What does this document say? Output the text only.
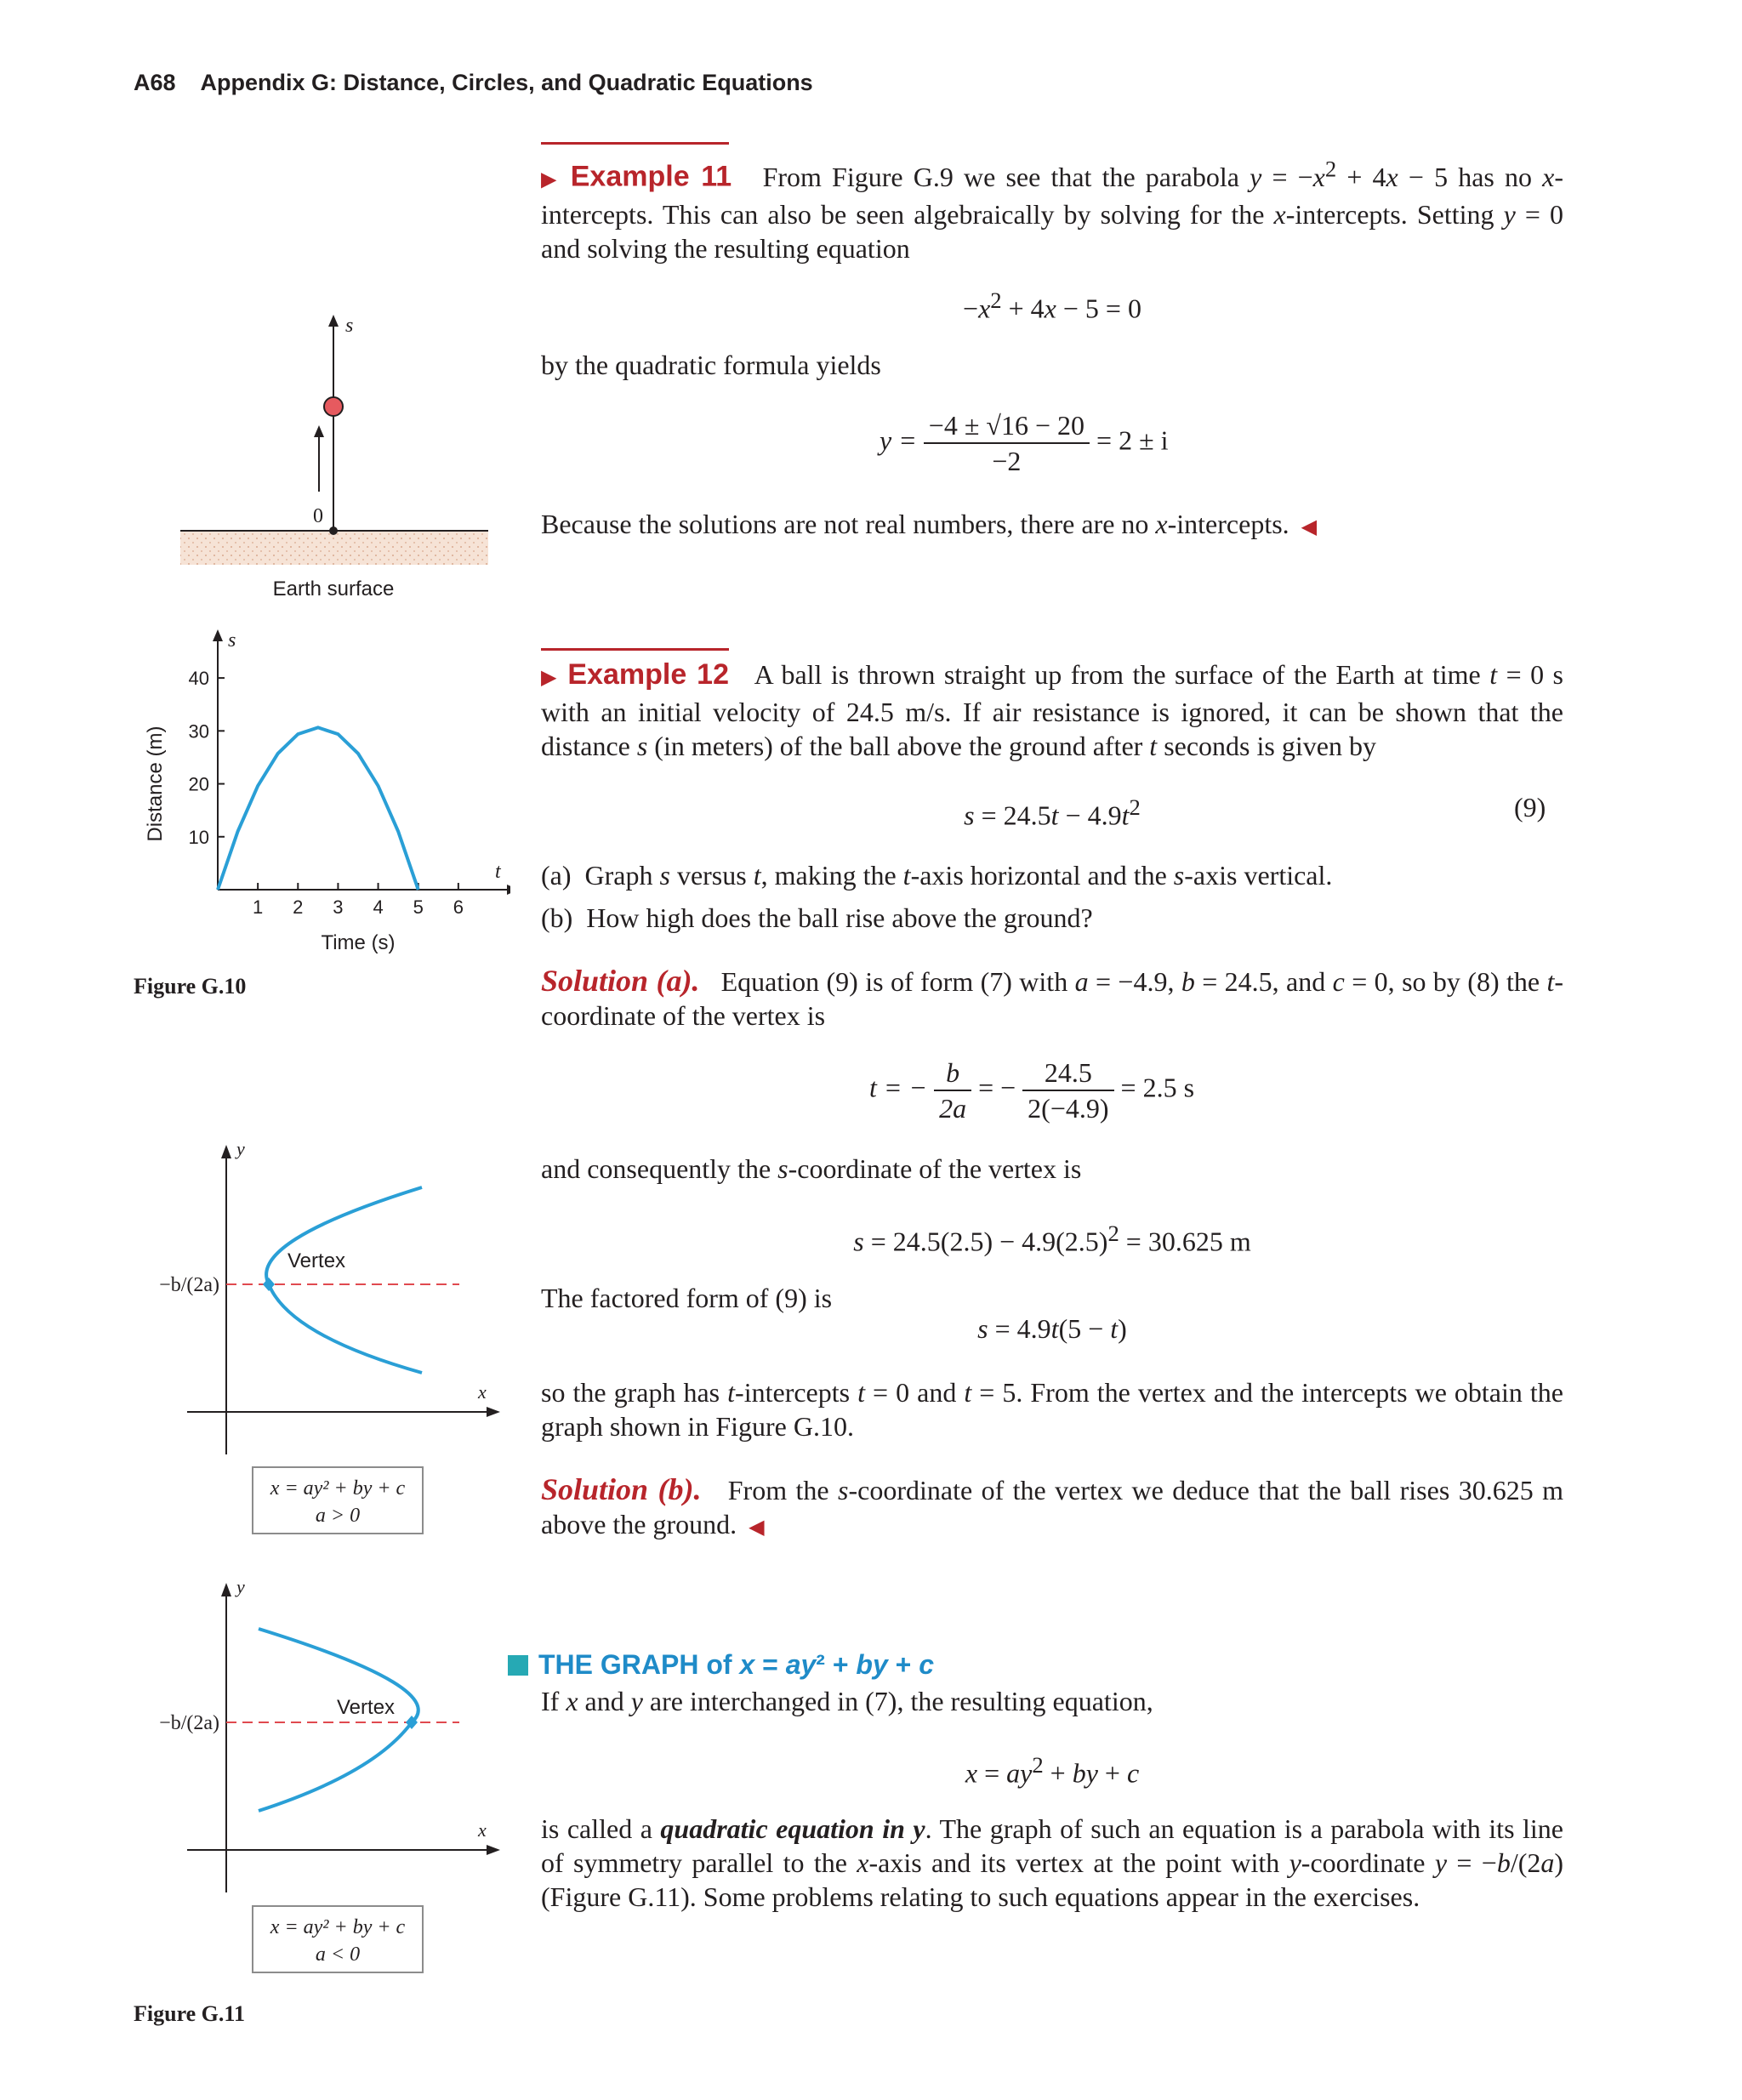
A68 Appendix G: Distance, Circles, and Quadratic Equations
▶ Example 11 From Figure G.9 we see that the parabola $y = -x^2 + 4x - 5$ has no x-intercepts. This can also be seen algebraically by solving for the x-intercepts. Setting y = 0 and solving the resulting equation
$-x^2 + 4x - 5 = 0$
by the quadratic formula yields
$y = \frac{-4 \pm √16 - 20}{-2} = 2 \pm i$
Because the solutions are not real numbers, there are no x-intercepts.  ◀
▶ Example 12 A ball is thrown straight up from the surface of the Earth at time t = 0 s with an initial velocity of 24.5 m/s. If air resistance is ignored, it can be shown that the distance s (in meters) of the ball above the ground after t seconds is given by
$s = 24.5t - 4.9t^2$	(9)
(a)  Graph s versus t, making the t-axis horizontal and the s-axis vertical.
(b)  How high does the ball rise above the ground?
Solution (a). Equation (9) is of form (7) with a = −4.9, b = 24.5, and c = 0, so by (8) the t-coordinate of the vertex is
t = − $\frac{b}{2a}$ = − $\frac{24.5}{2(-4.9)} = 2.5$ s
and consequently the s-coordinate of the vertex is
$s = 24.5(2.5) - 4.9(2.5)^2 = 30.625$ m
The factored form of (9) is
s = 4.9t(5 − t)
so the graph has t-intercepts t = 0 and t = 5. From the vertex and the intercepts we obtain the graph shown in Figure G.10.
Solution (b). From the s-coordinate of the vertex we deduce that the ball rises 30.625 m above the ground.  ◀
THE GRAPH of x = ay² + by + c
If x and y are interchanged in (7), the resulting equation,
$x = ay^2$ + by + c
is called a quadratic equation in y. The graph of such an equation is a parabola with its line of symmetry parallel to the x-axis and its vertex at the point with y-coordinate y = −b/(2a) (Figure G.11). Some problems relating to such equations appear in the exercises.
s
0
Earth surface
1 2 3 4 5 6
10
20
30
40
t
s
Time (s)
Distance (m)
Figure G.10
y
x
−b/(2a)
Vertex
x = ay² + by + c
a > 0
y
x
−b/(2a)
Vertex
x = ay² + by + c
a < 0
Figure G.11
